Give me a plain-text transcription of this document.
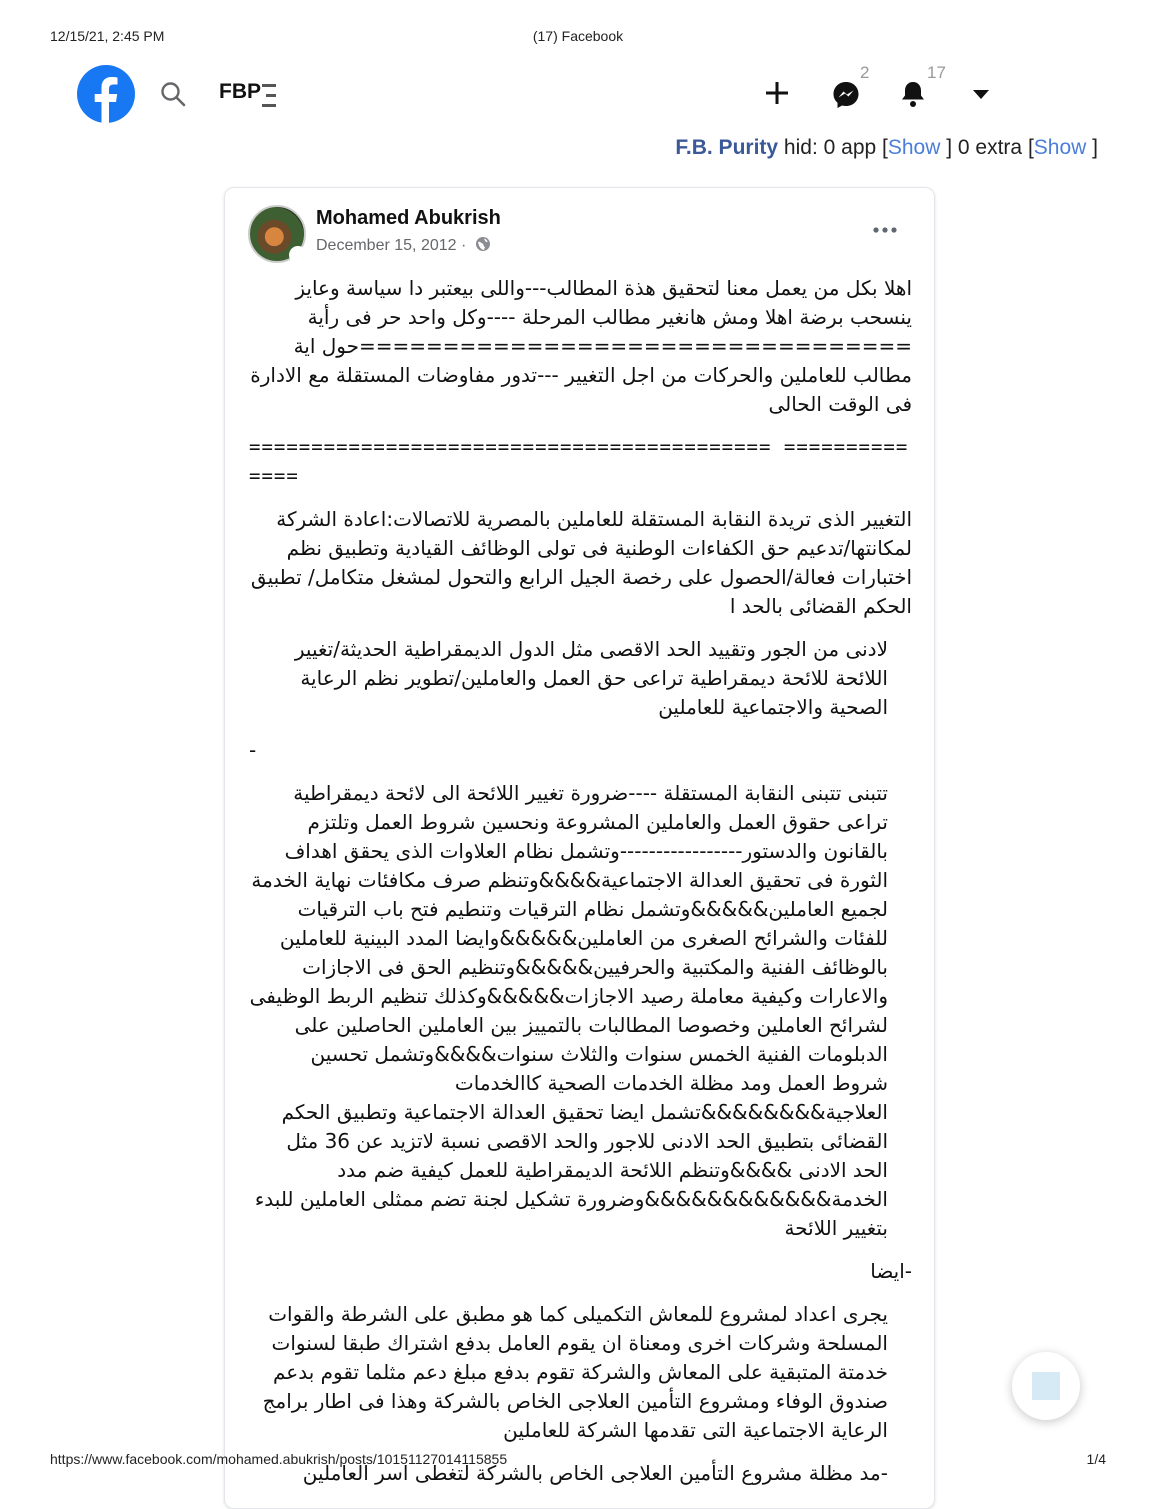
12/15/21, 2:45 PM	(17) Facebook
FBP
2	17
F.B. Purity hid: 0 app [Show ] 0 extra [Show ]
Mohamed Abukrish
December 15, 2012 ·

اهلا بكل من يعمل معنا لتحقيق هذة المطالب---واللى بيعتبر دا سياسة وعايز ينسحب برضة اهلا ومش هانغير مطالب المرحلة ----وكل واحد حر فى رأية =================================حول اية مطالب للعاملين والحركات من اجل التغيير ---تدور مفاوضات المستقلة مع الادارة فى الوقت الحالى

========================================== ==============

التغيير الذى تريدة النقابة المستقلة للعاملين بالمصرية للاتصالات:اعادة الشركة لمكانتها/تدعيم حق الكفاءات الوطنية فى تولى الوظائف القيادية وتطبيق نظم اختبارات فعالة/الحصول على رخصة الجيل الرابع والتحول لمشغل متكامل/ تطبيق الحكم القضائى بالحد ا

لادنى من الجور وتقييد الحد الاقصى مثل الدول الديمقراطية الحديثة/تغيير اللائحة للائحة ديمقراطية تراعى حق العمل والعاملين/تطوير نظم الرعاية الصحية والاجتماعية للعاملين

-

تتبنى تتبنى النقابة المستقلة ----ضرورة تغيير اللائحة الى لائحة ديمقراطية تراعى حقوق العمل والعاملين المشروعة ونحسين شروط العمل وتلتزم بالقانون والدستور-----------------وتشمل نظام العلاوات الذى يحقق اهداف الثورة فى تحقيق العدالة الاجتماعية&&&&وتنظم صرف مكافئات نهاية الخدمة لجميع العاملين&&&&&وتشمل نظام الترقيات وتنطيم فتح باب الترقيات للفئات والشرائح الصغرى من العاملين&&&&&وايضا المدد البينية للعاملين بالوظائف الفنية والمكتبية والحرفيين&&&&&وتنظيم الحق فى الاجازات والاعارات وكيفية معاملة رصيد الاجازات&&&&&وكذلك تنظيم الربط الوظيفى لشرائح العاملين وخصوصا المطالبات بالتمييز بين العاملين الحاصلين على الدبلومات الفنية الخمس سنوات والثلاث سنوات&&&&وتشمل تحسين شروط العمل ومد مظلة الخدمات الصحية كاالخدمات العلاجية&&&&&&&&تشمل ايضا تحقيق العدالة الاجتماعية وتطبيق الحكم القضائى بتطبيق الحد الادنى للاجور والحد الاقصى نسبة لاتزيد عن 36 مثل الحد الادنى &&&&وتنظم اللائحة الديمقراطية للعمل كيفية ضم مدد الخدمة&&&&&&&&&&&&وضرورة تشكيل لجنة تضم ممثلى العاملين للبدء بتغيير اللائحة

-ايضا

يجرى اعداد لمشروع للمعاش التكميلى كما هو مطبق على الشرطة والقوات المسلحة وشركات اخرى ومعناة ان يقوم العامل بدفع اشتراك طبقا لسنوات خدمتة المتبقية على المعاش والشركة تقوم بدفع مبلغ دعم مثلما تقوم بدعم صندوق الوفاء ومشروع التأمين العلاجى الخاص بالشركة وهذا فى اطار برامج الرعاية الاجتماعية التى تقدمها الشركة للعاملين

-مد مظلة مشروع التأمين العلاجى الخاص بالشركة لتغطى اسر العاملين

https://www.facebook.com/mohamed.abukrish/posts/10151127014115855	1/4
